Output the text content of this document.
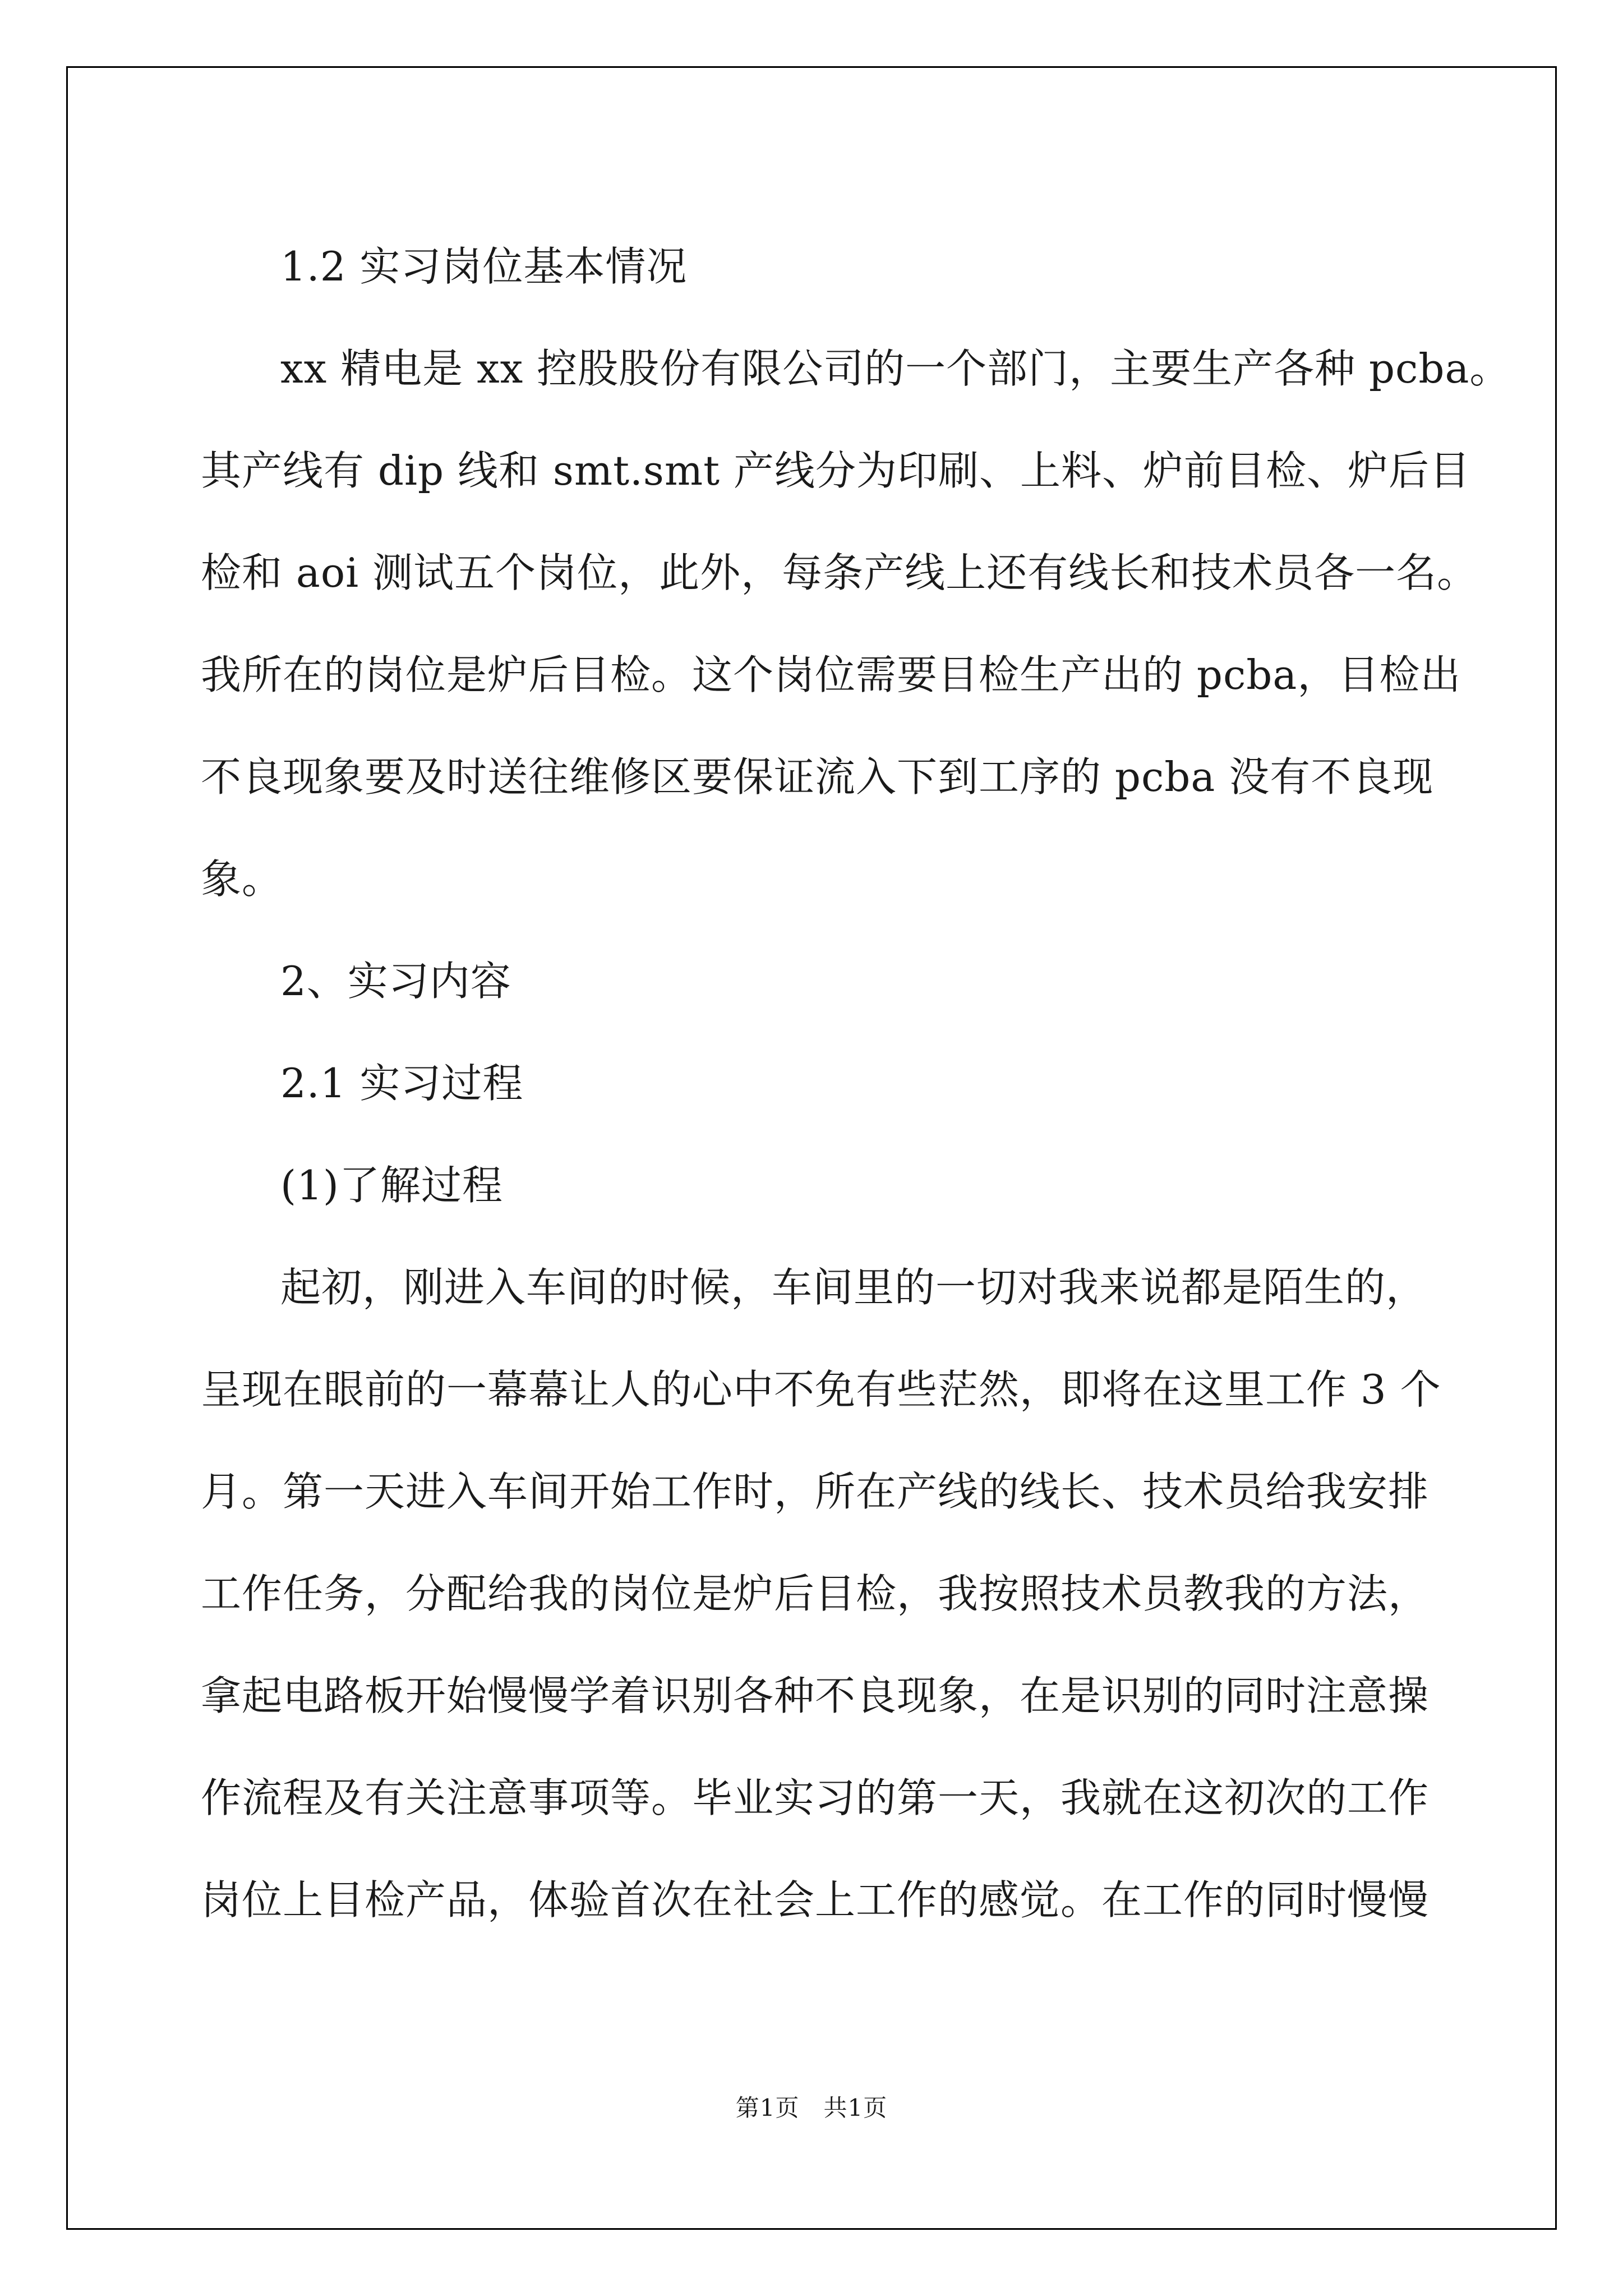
1.2 实习岗位基本情况
xx 精电是 xx 控股股份有限公司的一个部门，主要生产各种 pcba。
其产线有 dip 线和 smt.smt 产线分为印刷、上料、炉前目检、炉后目
检和 aoi 测试五个岗位，此外，每条产线上还有线长和技术员各一名。
我所在的岗位是炉后目检。这个岗位需要目检生产出的 pcba，目检出
不良现象要及时送往维修区要保证流入下到工序的 pcba 没有不良现
象。
2、实习内容
2.1 实习过程
(1)了解过程
起初，刚进入车间的时候，车间里的一切对我来说都是陌生的，
呈现在眼前的一幕幕让人的心中不免有些茫然，即将在这里工作 3 个
月。第一天进入车间开始工作时，所在产线的线长、技术员给我安排
工作任务，分配给我的岗位是炉后目检，我按照技术员教我的方法，
拿起电路板开始慢慢学着识别各种不良现象，在是识别的同时注意操
作流程及有关注意事项等。毕业实习的第一天，我就在这初次的工作
岗位上目检产品，体验首次在社会上工作的感觉。在工作的同时慢慢
第1页　共1页
